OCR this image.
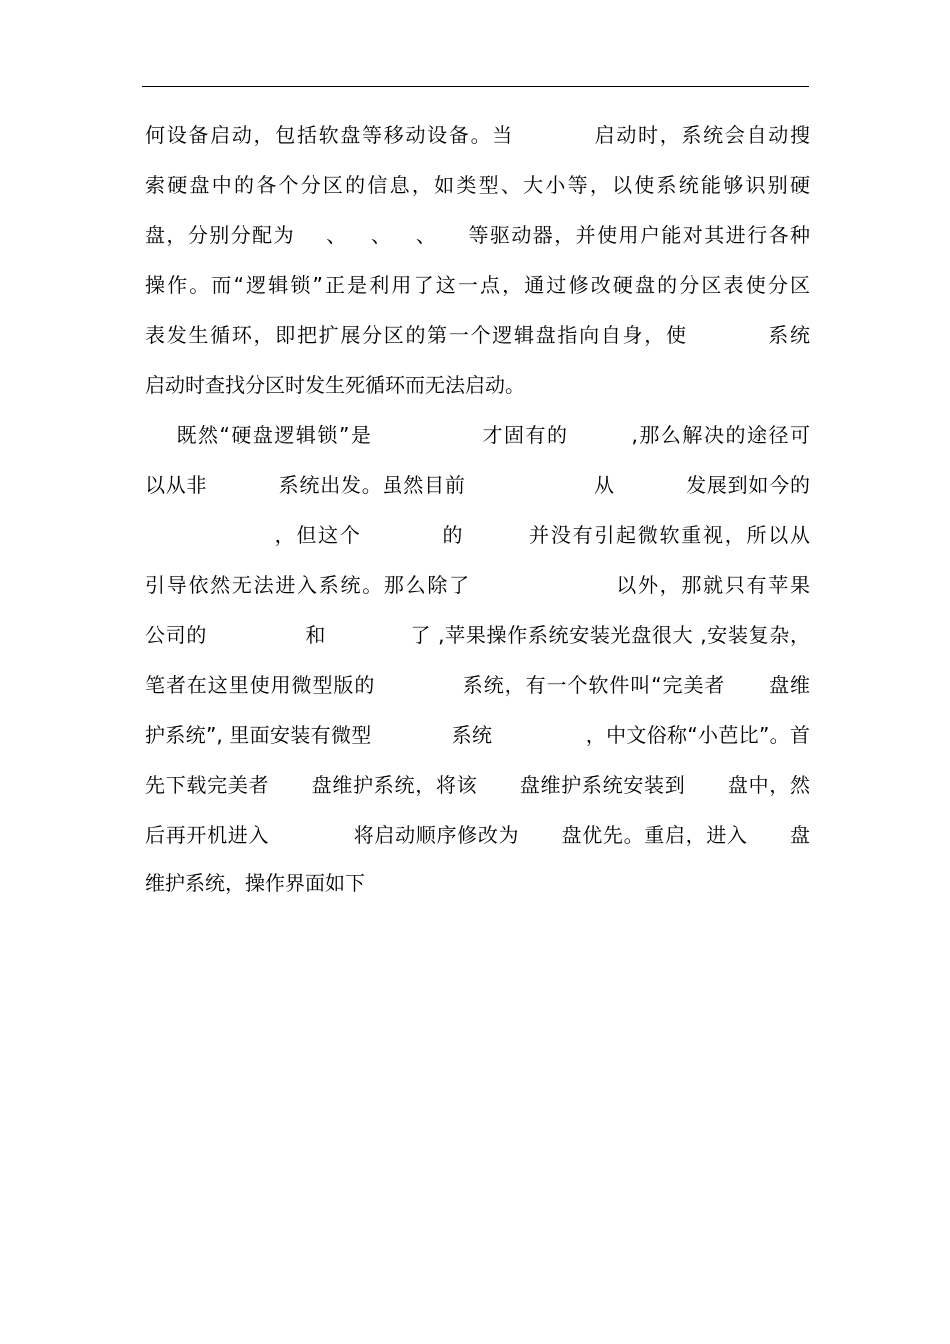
何设备启动，包括软盘等移动设备。当          启动时，系统会自动搜
索硬盘中的各个分区的信息，如类型、大小等，以使系统能够识别硬
盘，分别分配为    、   、   、    等驱动器，并使用户能对其进行各种
操作。而“逻辑锁”正是利用了这一点，通过修改硬盘的分区表使分区
表发生循环，即把扩展分区的第一个逻辑盘指向自身，使          系统
启动时查找分区时发生死循环而无法启动。
既然“硬盘逻辑锁”是              才固有的        ,那么解决的途径可
以从非          系统出发。虽然目前                  从          发展到如今的
，但这个          的        并没有引起微软重视，所以从
引导依然无法进入系统。那么除了                  以外，那就只有苹果
公司的              和            了 ,苹果操作系统安装光盘很大 ,安装复杂，
笔者在这里使用微型版的            系统，有一个软件叫“完美者      盘维
护系统”, 里面安装有微型            系统              ，中文俗称“小芭比”。首
先下载完美者      盘维护系统，将该      盘维护系统安装到      盘中，然
后再开机进入            将启动顺序修改为      盘优先。重启，进入      盘
维护系统，操作界面如下
